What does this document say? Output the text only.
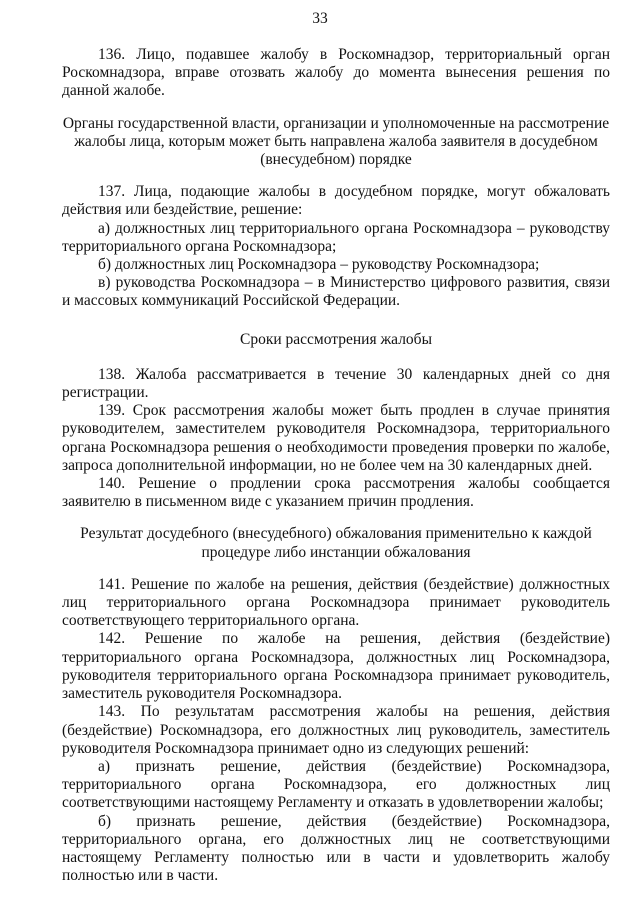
33

136. Лицо, подавшее жалобу в Роскомнадзор, территориальный орган Роскомнадзора, вправе отозвать жалобу до момента вынесения решения по данной жалобе.

Органы государственной власти, организации и уполномоченные на рассмотрение жалобы лица, которым может быть направлена жалоба заявителя в досудебном (внесудебном) порядке

137. Лица, подающие жалобы в досудебном порядке, могут обжаловать действия или бездействие, решение:

а) должностных лиц территориального органа Роскомнадзора – руководству территориального органа Роскомнадзора;

б) должностных лиц Роскомнадзора – руководству Роскомнадзора;

в) руководства Роскомнадзора – в Министерство цифрового развития, связи и массовых коммуникаций Российской Федерации.

Сроки рассмотрения жалобы

138. Жалоба рассматривается в течение 30 календарных дней со дня регистрации.

139. Срок рассмотрения жалобы может быть продлен в случае принятия руководителем, заместителем руководителя Роскомнадзора, территориального органа Роскомнадзора решения о необходимости проведения проверки по жалобе, запроса дополнительной информации, но не более чем на 30 календарных дней.

140. Решение о продлении срока рассмотрения жалобы сообщается заявителю в письменном виде с указанием причин продления.

Результат досудебного (внесудебного) обжалования применительно к каждой процедуре либо инстанции обжалования

141. Решение по жалобе на решения, действия (бездействие) должностных лиц территориального органа Роскомнадзора принимает руководитель соответствующего территориального органа.

142. Решение по жалобе на решения, действия (бездействие) территориального органа Роскомнадзора, должностных лиц Роскомнадзора, руководителя территориального органа Роскомнадзора принимает руководитель, заместитель руководителя Роскомнадзора.

143. По результатам рассмотрения жалобы на решения, действия (бездействие) Роскомнадзора, его должностных лиц руководитель, заместитель руководителя Роскомнадзора принимает одно из следующих решений:

а) признать решение, действия (бездействие) Роскомнадзора, территориального органа Роскомнадзора, его должностных лиц соответствующими настоящему Регламенту и отказать в удовлетворении жалобы;

б) признать решение, действия (бездействие) Роскомнадзора, территориального органа, его должностных лиц не соответствующими настоящему Регламенту полностью или в части и удовлетворить жалобу полностью или в части.
